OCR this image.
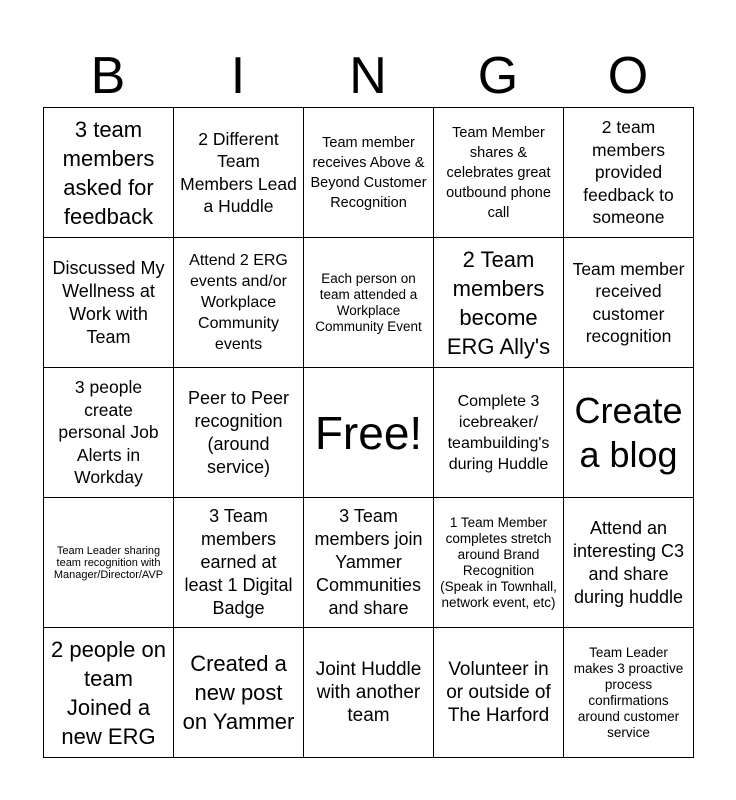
B	I	N	G	O
3 team members asked for feedback
2 Different Team Members Lead a Huddle
Team member receives Above & Beyond Customer Recognition
Team Member shares & celebrates great outbound phone call
2 team members provided feedback to someone
Discussed My Wellness at Work with Team
Attend 2 ERG events and/or Workplace Community events
Each person on team attended a Workplace Community Event
2 Team members become ERG Ally's
Team member received customer recognition
3 people create personal Job Alerts in Workday
Peer to Peer recognition (around service)
Free!
Complete 3 icebreaker/ teambuilding's during Huddle
Create a blog
Team Leader sharing team recognition with Manager/Director/AVP
3 Team members earned at least 1 Digital Badge
3 Team members join Yammer Communities and share
1 Team Member completes stretch around Brand Recognition (Speak in Townhall, network event, etc)
Attend an interesting C3 and share during huddle
2 people on team Joined a new ERG
Created a new post on Yammer
Joint Huddle with another team
Volunteer in or outside of The Harford
Team Leader makes 3 proactive process confirmations around customer service
